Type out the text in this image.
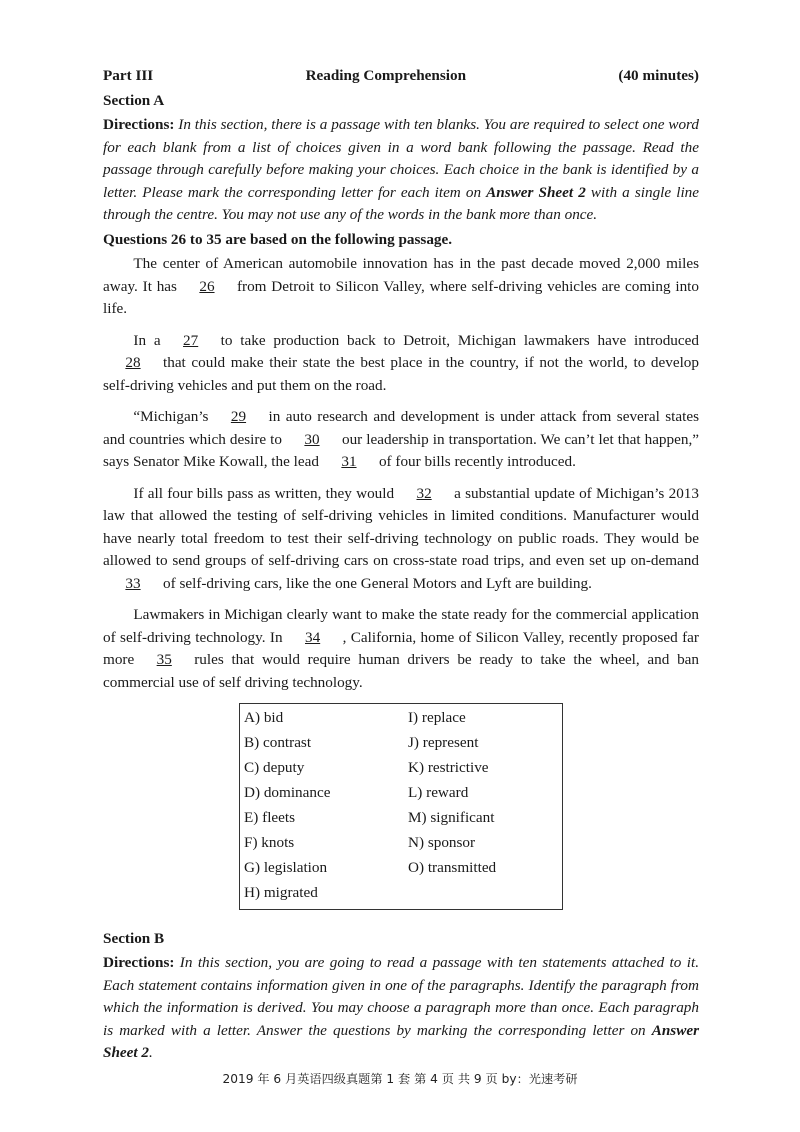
Part III	Reading Comprehension	(40 minutes)
Section A

Directions: In this section, there is a passage with ten blanks. You are required to select one word for each blank from a list of choices given in a word bank following the passage. Read the passage through carefully before making your choices. Each choice in the bank is identified by a letter. Please mark the corresponding letter for each item on Answer Sheet 2 with a single line through the centre. You may not use any of the words in the bank more than once.

Questions 26 to 35 are based on the following passage.

The center of American automobile innovation has in the past decade moved 2,000 miles away. It has 26 from Detroit to Silicon Valley, where self-driving vehicles are coming into life.

In a 27 to take production back to Detroit, Michigan lawmakers have introduced 28 that could make their state the best place in the country, if not the world, to develop self-driving vehicles and put them on the road.

“Michigan’s 29 in auto research and development is under attack from several states and countries which desire to 30 our leadership in transportation. We can’t let that happen,” says Senator Mike Kowall, the lead 31 of four bills recently introduced.

If all four bills pass as written, they would 32 a substantial update of Michigan’s 2013 law that allowed the testing of self-driving vehicles in limited conditions. Manufacturer would have nearly total freedom to test their self-driving technology on public roads. They would be allowed to send groups of self-driving cars on cross-state road trips, and even set up on-demand33 of self-driving cars, like the one General Motors and Lyft are building.

Lawmakers in Michigan clearly want to make the state ready for the commercial application of self-driving technology. In 34 , California, home of Silicon Valley, recently proposed far more 35 rules that would require human drivers be ready to take the wheel, and ban commercial use of self driving technology.

A) bid
B) contrast
C) deputy
D) dominance
E) fleets
F) knots
G) legislation
H) migrated
I) replace
J) represent
K) restrictive
L) reward
M) significant
N) sponsor
O) transmitted
Section B

Directions: In this section, you are going to read a passage with ten statements attached to it. Each statement contains information given in one of the paragraphs. Identify the paragraph from which the information is derived. You may choose a paragraph more than once. Each paragraph is marked with a letter. Answer the questions by marking the corresponding letter on Answer Sheet 2.

2019 年 6 月英语四级真题第 1 套 第 4 页 共 9 页 by：光速考研
